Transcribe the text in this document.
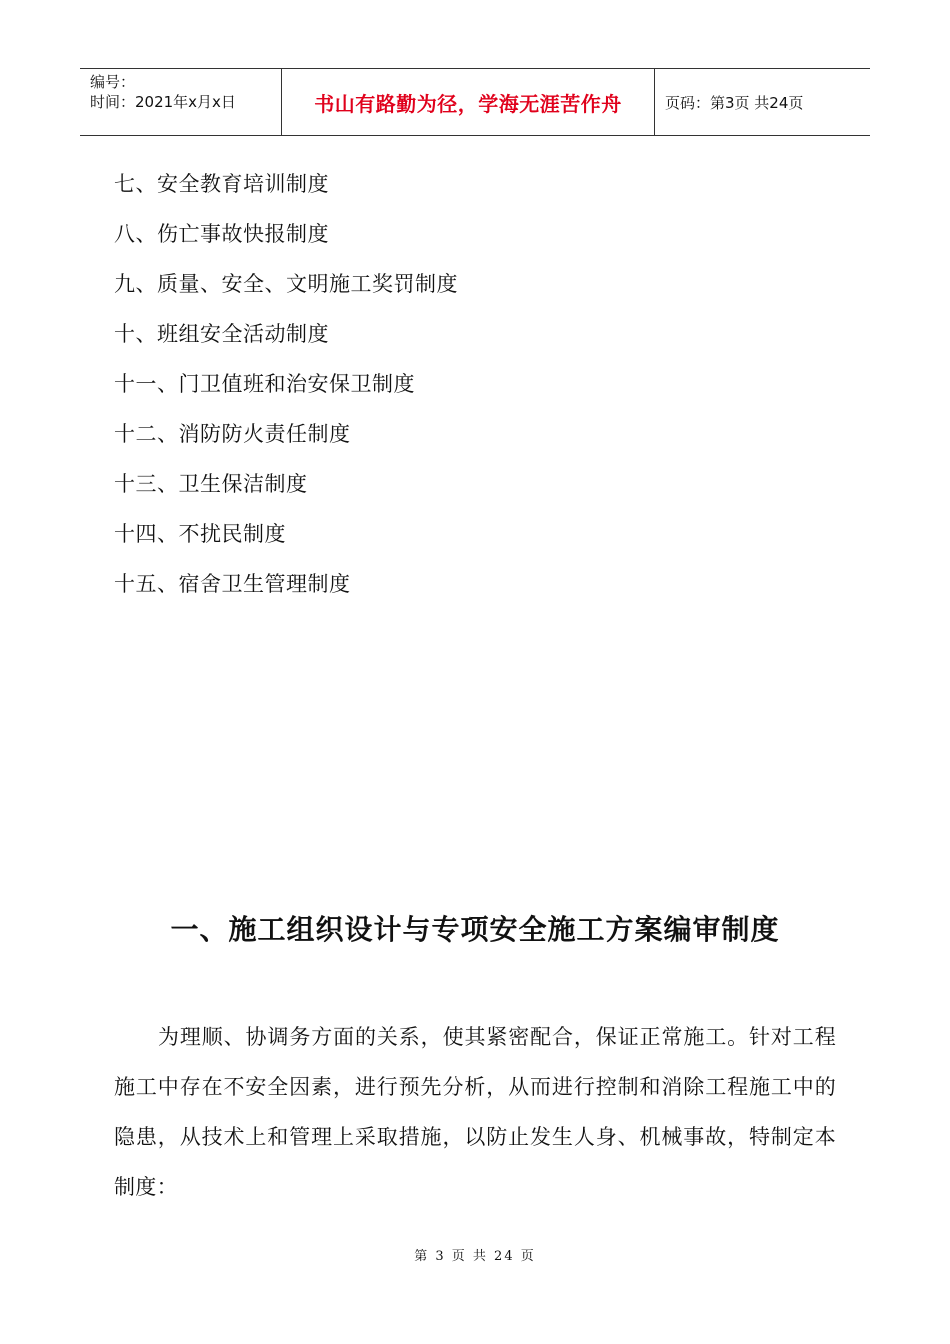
编号：
时间：2021年x月x日	书山有路勤为径，学海无涯苦作舟	页码：第3页 共24页
七、安全教育培训制度
八、伤亡事故快报制度
九、质量、安全、文明施工奖罚制度
十、班组安全活动制度
十一、门卫值班和治安保卫制度
十二、消防防火责任制度
十三、卫生保洁制度
十四、不扰民制度
十五、宿舍卫生管理制度
一、施工组织设计与专项安全施工方案编审制度

为理顺、协调务方面的关系，使其紧密配合，保证正常施工。针对工程施工中存在不安全因素，进行预先分析，从而进行控制和消除工程施工中的隐患，从技术上和管理上采取措施，以防止发生人身、机械事故，特制定本制度：

第 3 页 共 24 页
